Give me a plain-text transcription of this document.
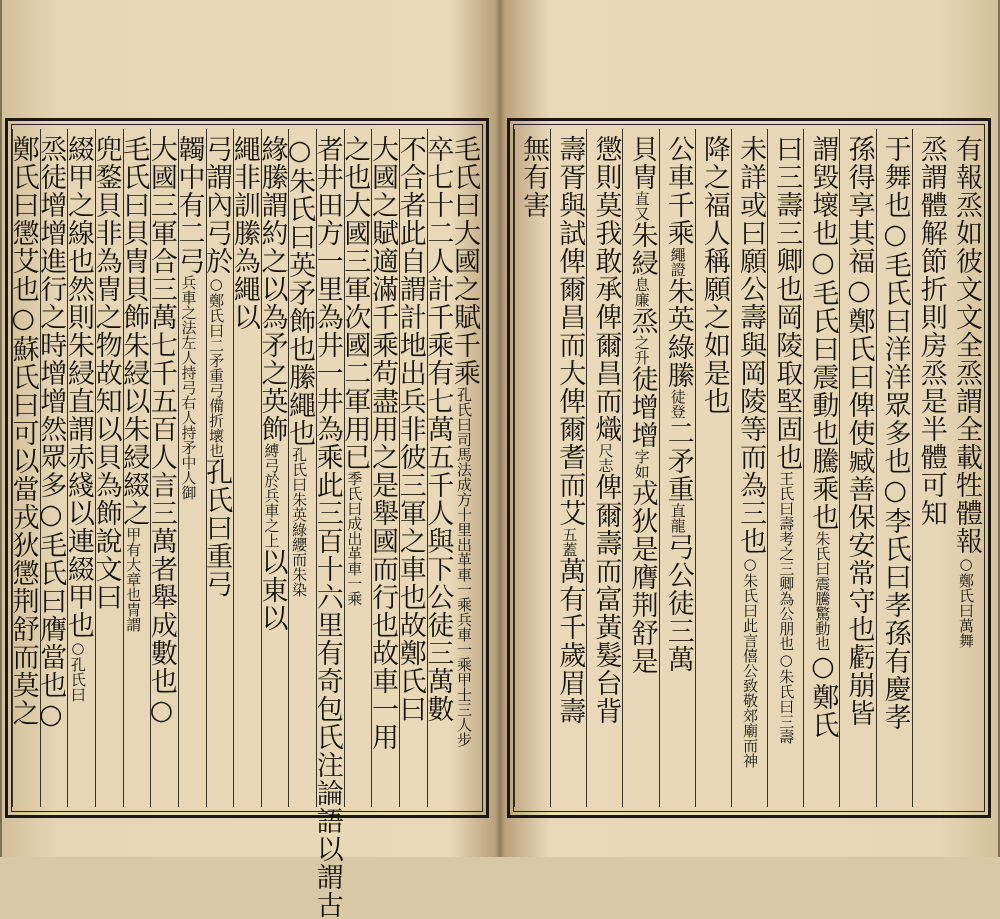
毛氏曰大國之賦千乘孔氏曰司馬法成方十里出革車一乘兵車一乘甲士三人步
卒七十二人計千乘有七萬五千人與下公徒三萬數
不合者此自謂計地出兵非彼三軍之車也故鄭氏曰
大國之賦適滿千乘苟盡用之是舉國而行也故車一用
之也大國三軍次國二軍用已季氏曰成出革車一乘
者井田方一里為井一井為乘此三百十六里有奇包氏注論語以謂古
○朱氏曰英矛飾也縢繩也孔氏曰朱英綠纓而朱染
緣縢謂約之以為矛之英飾縛弓於兵車之上以東以
繩非訓縢為繩以
弓謂內弓於○鄭氏曰二矛重弓備折壞也孔氏曰重弓
韣中有二弓兵車之法左人持弓右人持矛中人御
大國三軍合三萬七千五百人言三萬者舉成數也○
毛氏曰貝冑貝飾朱綅以朱綅綴之甲有大章也冑謂
兜鍪貝非為冑之物故知以貝為飾說文曰
綴甲之線也然則朱綅直謂赤綫以連綴甲也○孔氏曰
烝徒增增進行之時增增然眾多○毛氏曰膺當也○
鄭氏曰懲艾也○蘇氏曰可以當戎狄懲荆舒而莫之	有報烝如彼文文全烝謂全載牲體報○鄭氏曰萬舞
烝謂體解節折則房烝是半體可知
于舞也○毛氏曰洋洋眾多也○李氏曰孝孫有慶孝
孫得享其福○鄭氏曰俾使臧善保安常守也虧崩皆
謂毀壞也○毛氏曰震動也騰乘也朱氏曰震騰驚動也○鄭氏
曰三壽三卿也岡陵取堅固也王氏曰壽考之三卿為公朋也○朱氏曰三壽
未詳或曰願公壽與岡陵等而為三也○朱氏曰此言僖公致敬郊廟而神
降之福人稱願之如是也
公車千乘繩證朱英綠縢徒登二矛重直龍弓公徒三萬
貝冑直又朱綅息廉烝之升徒增增字如戎狄是膺荆舒是
懲則莫我敢承俾爾昌而熾尺志俾爾壽而富黃髮台背
壽胥與試俾爾昌而大俾爾耆而艾五蓋萬有千歲眉壽
無有害
